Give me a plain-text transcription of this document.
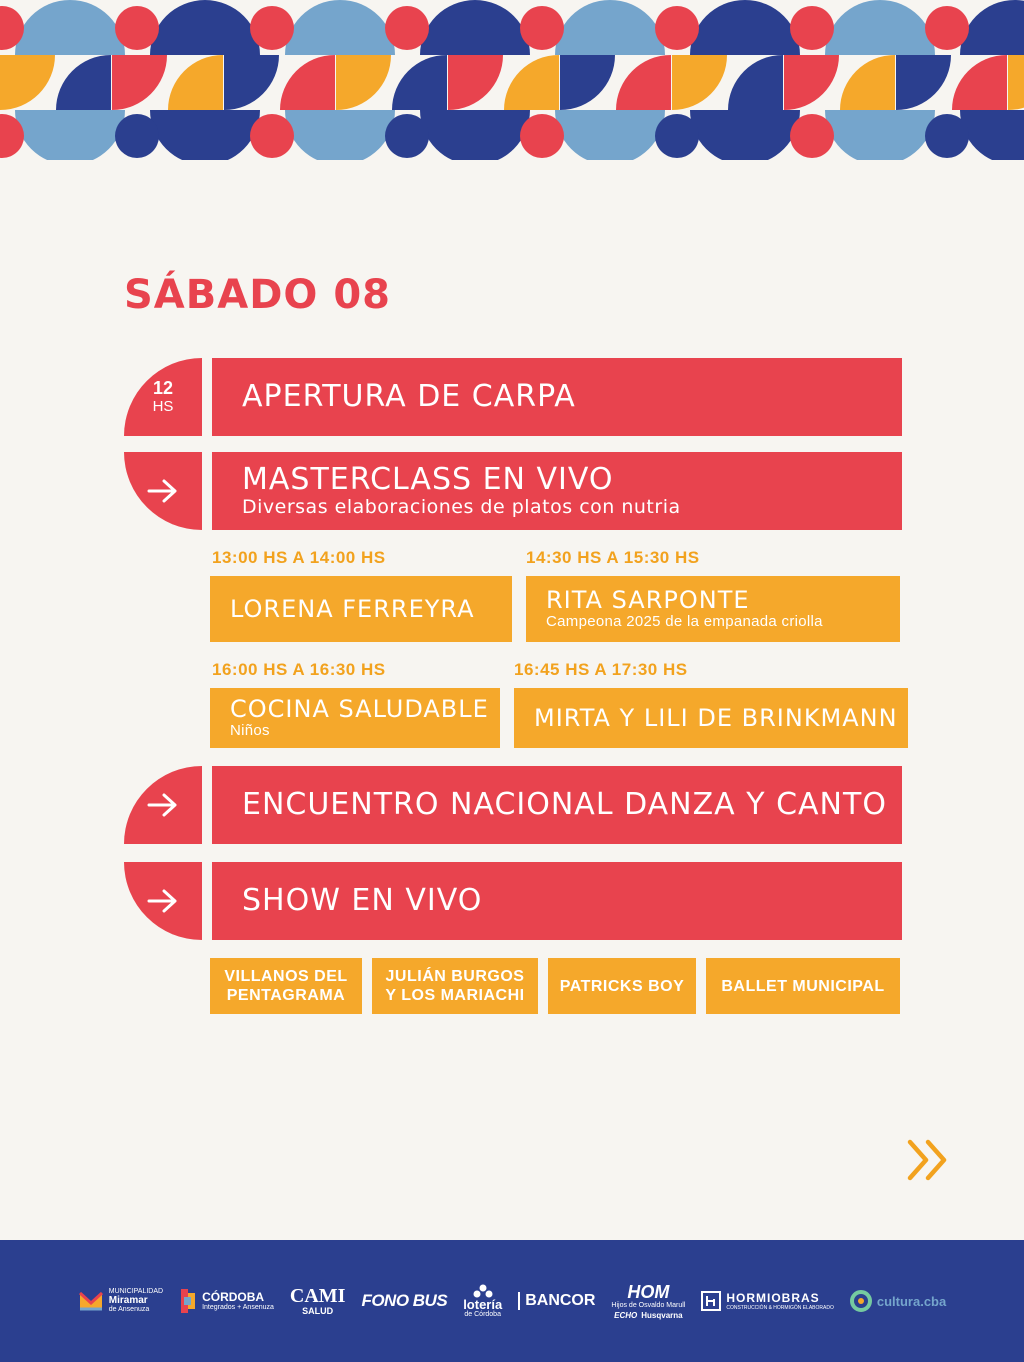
SÁBADO 08
12
HS APERTURA DE CARPA
MASTERCLASS EN VIVO
Diversas elaboraciones de platos con nutria
13:00 HS A 14:00 HS
LORENA FERREYRA
14:30 HS A 15:30 HS
RITA SARPONTE
Campeona 2025 de la empanada criolla
16:00 HS A 16:30 HS
COCINA SALUDABLE
Niños
16:45 HS A 17:30 HS
MIRTA Y LILI DE BRINKMANN
ENCUENTRO NACIONAL DANZA Y CANTO
SHOW EN VIVO
VILLANOS DEL
PENTAGRAMA
JULIÁN BURGOS
Y LOS MARIACHI
PATRICKS BOY	BALLET MUNICIPAL
MUNICIPALIDAD
Miramar
de Ansenuza
CÓRDOBA
Integrados + Ansenuza CAMI
SALUD
FONO BUS lotería
de Córdoba
BANCOR HOM
Hijos de Osvaldo Marull
ECHO Husqvarna
HORMIOBRAS
CONSTRUCCIÓN & HORMIGÓN ELABORADO	cultura.cba
